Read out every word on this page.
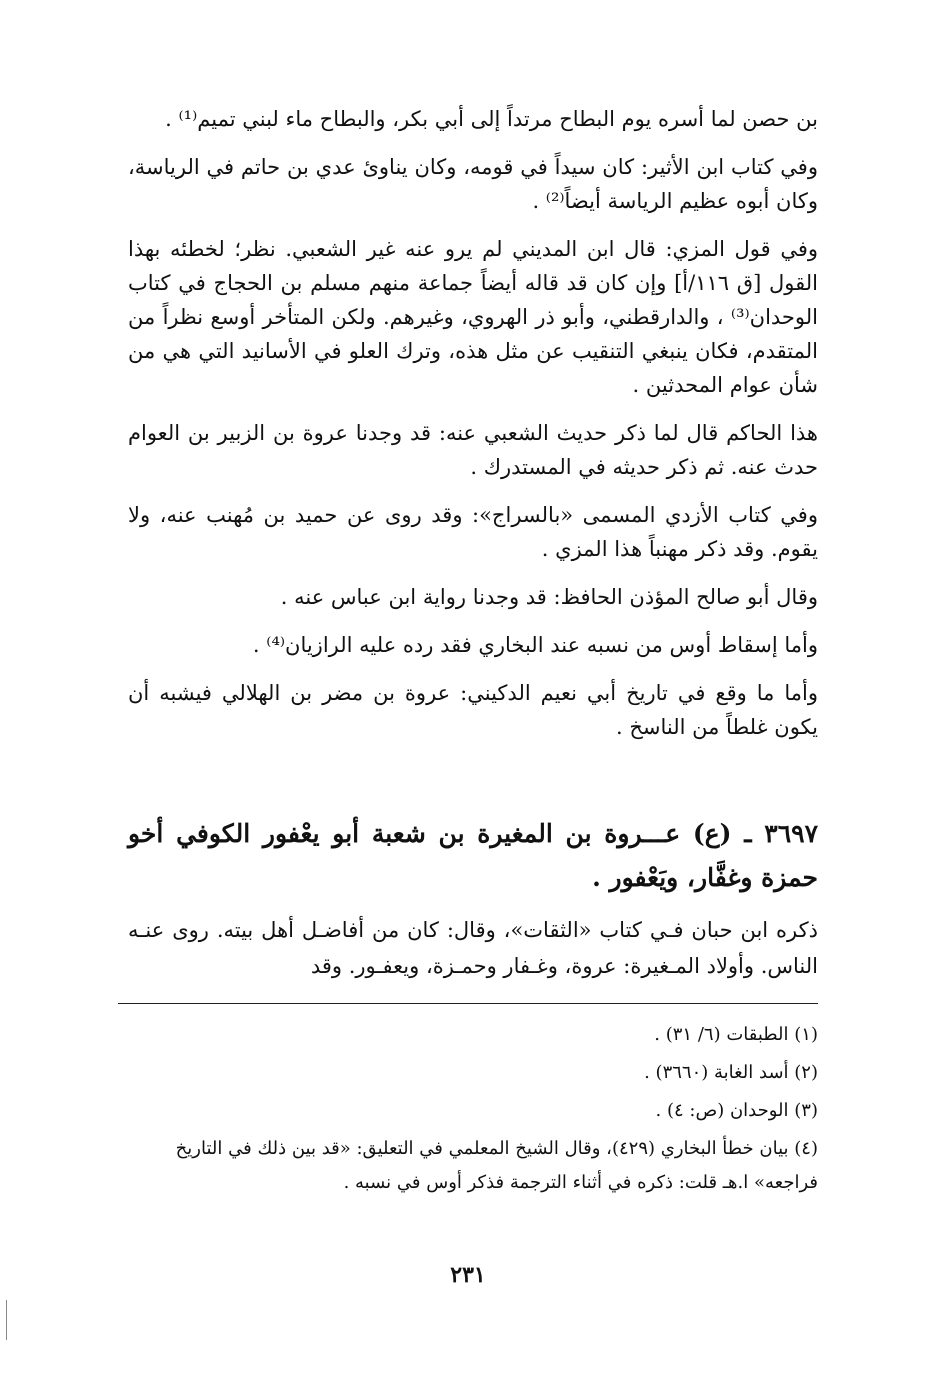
بن حصن لما أسره يوم البطاح مرتداً إلى أبي بكر، والبطاح ماء لبني تميم⁽¹⁾ .

وفي كتاب ابن الأثير: كان سيداً في قومه، وكان يناوئ عدي بن حاتم في الرياسة، وكان أبوه عظيم الرياسة أيضاً⁽²⁾ .

وفي قول المزي: قال ابن المديني لم يرو عنه غير الشعبي. نظر؛ لخطئه بهذا القول [ق ١١٦/أ] وإن كان قد قاله أيضاً جماعة منهم مسلم بن الحجاج في كتاب الوحدان⁽³⁾ ، والدارقطني، وأبو ذر الهروي، وغيرهم. ولكن المتأخر أوسع نظراً من المتقدم، فكان ينبغي التنقيب عن مثل هذه، وترك العلو في الأسانيد التي هي من شأن عوام المحدثين .

هذا الحاكم قال لما ذكر حديث الشعبي عنه: قد وجدنا عروة بن الزبير بن العوام حدث عنه. ثم ذكر حديثه في المستدرك .

وفي كتاب الأزدي المسمى «بالسراج»: وقد روى عن حميد بن مُهنب عنه، ولا يقوم. وقد ذكر مهنباً هذا المزي .

وقال أبو صالح المؤذن الحافظ: قد وجدنا رواية ابن عباس عنه .

وأما إسقاط أوس من نسبه عند البخاري فقد رده عليه الرازيان⁽⁴⁾ .

وأما ما وقع في تاريخ أبي نعيم الدكيني: عروة بن مضر بن الهلالي فيشبه أن يكون غلطاً من الناسخ .

٣٦٩٧ ـ (ع) عـــروة بن المغيرة بن شعبة أبو يعْفور الكوفي أخو حمزة وغفَّار، ويَعْفور .
ذكره ابن حبان فـي كتاب «الثقات»، وقال: كان من أفاضـل أهل بيته. روى عنـه الناس. وأولاد المـغيرة: عروة، وغـفار وحمـزة، ويعفـور. وقد

(١) الطبقات (٦/ ٣١) .

(٢) أسد الغابة (٣٦٦٠) .

(٣) الوحدان (ص: ٤) .

(٤) بيان خطأ البخاري (٤٢٩)، وقال الشيخ المعلمي في التعليق: «قد بين ذلك في التاريخ فراجعه» ا.هـ قلت: ذكره في أثناء الترجمة فذكر أوس في نسبه .

٢٣١
